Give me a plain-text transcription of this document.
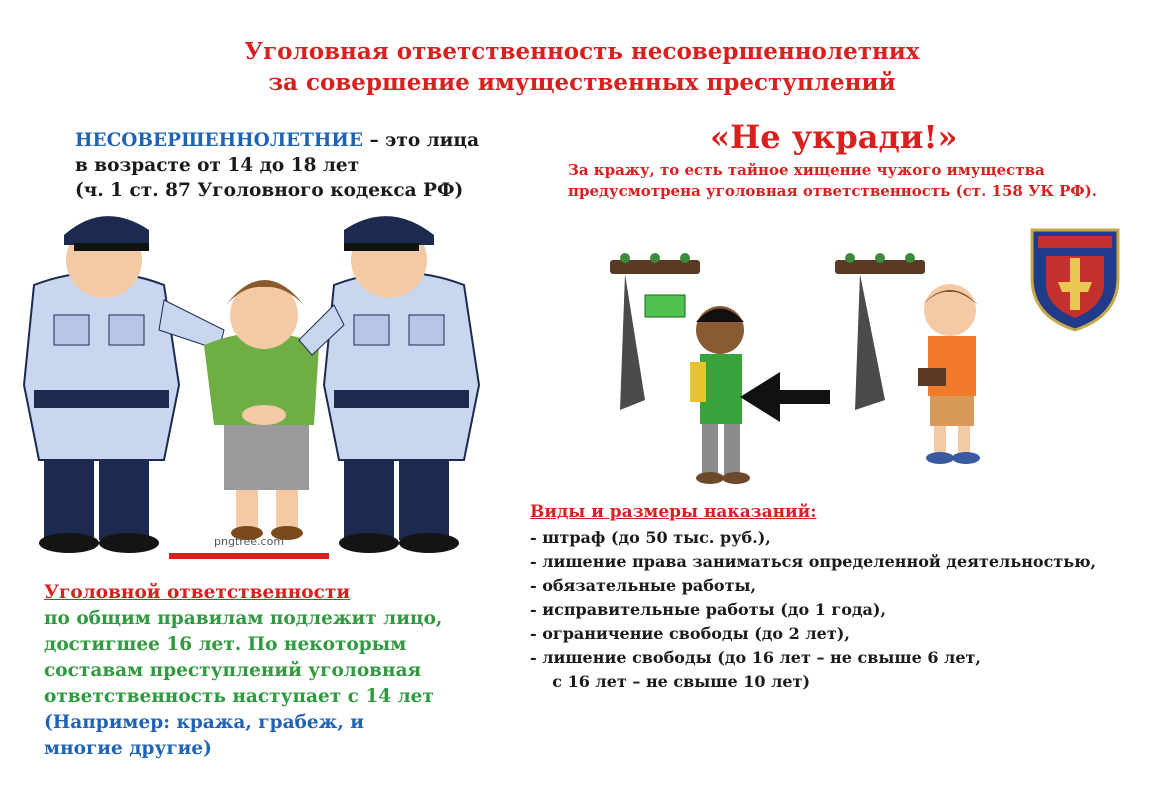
Уголовная ответственность несовершеннолетних
за совершение имущественных преступлений
НЕСОВЕРШЕННОЛЕТНИЕ – это лица
в возрасте от 14 до 18 лет
(ч. 1 ст. 87 Уголовного кодекса РФ)
«Не укради!»
За кражу, то есть тайное хищение чужого имущества
предусмотрена уголовная ответственность (ст. 158 УК РФ).
pngtree.com
Уголовной ответственности
по общим правилам подлежит лицо,
достигшее 16 лет. По некоторым
составам преступлений уголовная
ответственность наступает с 14 лет
(Например: кража, грабеж, и
многие другие)
Виды и размеры наказаний:
- штраф (до 50 тыс. руб.),
- лишение права заниматься определенной деятельностью,
- обязательные работы,
- исправительные работы (до 1 года),
- ограничение свободы (до 2 лет),
- лишение свободы (до 16 лет – не свыше 6 лет,
с 16 лет – не свыше 10 лет)
